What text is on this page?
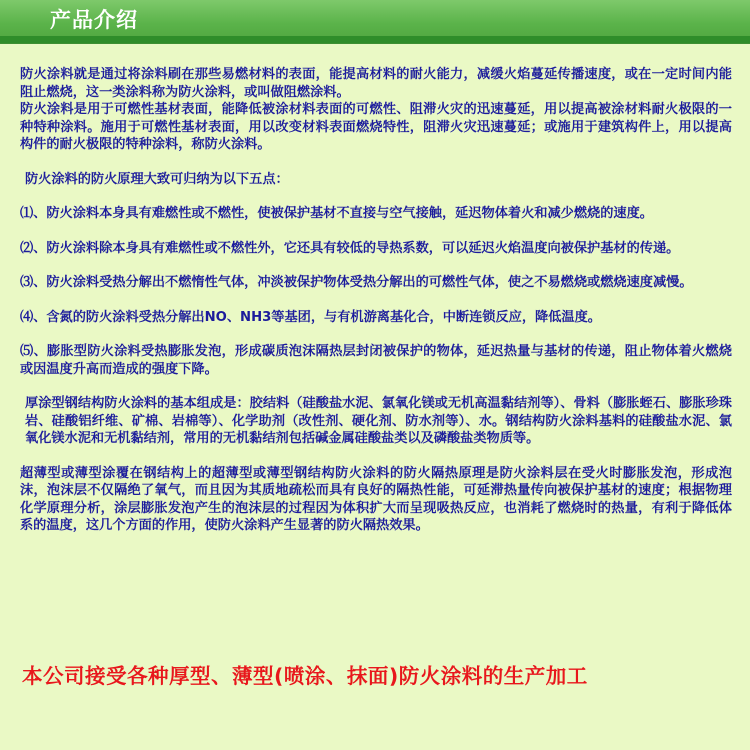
产品介绍

防火涂料就是通过将涂料刷在那些易燃材料的表面，能提高材料的耐火能力，减缓火焰蔓延传播速度，或在一定时间内能阻止燃烧，这一类涂料称为防火涂料，或叫做阻燃涂料。

防火涂料是用于可燃性基材表面，能降低被涂材料表面的可燃性、阻滞火灾的迅速蔓延，用以提高被涂材料耐火极限的一种特种涂料。施用于可燃性基材表面，用以改变材料表面燃烧特性，阻滞火灾迅速蔓延；或施用于建筑构件上，用以提高构件的耐火极限的特种涂料，称防火涂料。

防火涂料的防火原理大致可归纳为以下五点：

⑴、防火涂料本身具有难燃性或不燃性，使被保护基材不直接与空气接触，延迟物体着火和减少燃烧的速度。

⑵、防火涂料除本身具有难燃性或不燃性外，它还具有较低的导热系数，可以延迟火焰温度向被保护基材的传递。

⑶、防火涂料受热分解出不燃惰性气体，冲淡被保护物体受热分解出的可燃性气体，使之不易燃烧或燃烧速度减慢。

⑷、含氮的防火涂料受热分解出NO、NH3等基团，与有机游离基化合，中断连锁反应，降低温度。

⑸、膨胀型防火涂料受热膨胀发泡，形成碳质泡沫隔热层封闭被保护的物体，延迟热量与基材的传递，阻止物体着火燃烧或因温度升高而造成的强度下降。

厚涂型钢结构防火涂料的基本组成是：胶结料（硅酸盐水泥、氯氧化镁或无机高温黏结剂等）、骨料（膨胀蛭石、膨胀珍珠岩、硅酸铝纤维、矿棉、岩棉等）、化学助剂（改性剂、硬化剂、防水剂等）、水。钢结构防火涂料基料的硅酸盐水泥、氯氧化镁水泥和无机黏结剂，常用的无机黏结剂包括碱金属硅酸盐类以及磷酸盐类物质等。

超薄型或薄型涂覆在钢结构上的超薄型或薄型钢结构防火涂料的防火隔热原理是防火涂料层在受火时膨胀发泡，形成泡沫，泡沫层不仅隔绝了氧气，而且因为其质地疏松而具有良好的隔热性能，可延滞热量传向被保护基材的速度；根据物理化学原理分析，涂层膨胀发泡产生的泡沫层的过程因为体积扩大而呈现吸热反应，也消耗了燃烧时的热量，有利于降低体系的温度，这几个方面的作用，使防火涂料产生显著的防火隔热效果。

本公司接受各种厚型、薄型(喷涂、抹面)防火涂料的生产加工
